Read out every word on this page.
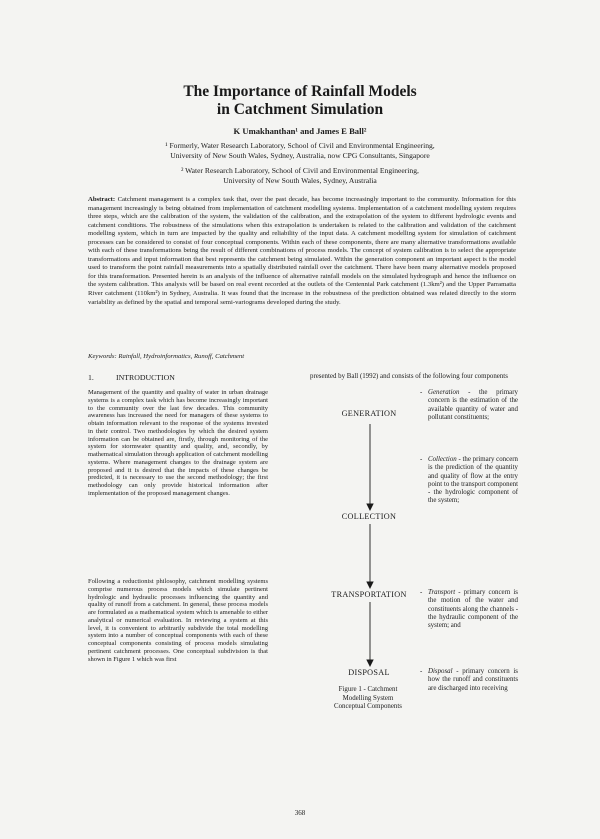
The Importance of Rainfall Models
in Catchment Simulation
K Umakhanthan¹ and James E Ball²
¹ Formerly, Water Research Laboratory, School of Civil and Environmental Engineering,
University of New South Wales, Sydney, Australia, now CPG Consultants, Singapore
² Water Research Laboratory, School of Civil and Environmental Engineering,
University of New South Wales, Sydney, Australia
Abstract: Catchment management is a complex task that, over the past decade, has become increasingly important to the community. Information for this management increasingly is being obtained from implementation of catchment modelling systems. Implementation of a catchment modelling system requires three steps, which are the calibration of the system, the validation of the calibration, and the extrapolation of the system to different hydrologic events and catchment conditions. The robustness of the simulations when this extrapolation is undertaken is related to the calibration and validation of the catchment modelling system, which in turn are impacted by the quality and reliability of the input data. A catchment modelling system for simulation of catchment processes can be considered to consist of four conceptual components. Within each of these components, there are many alternative transformations available with each of these transformations being the result of different combinations of process models. The concept of system calibration is to select the appropriate transformations and input information that best represents the catchment being simulated. Within the generation component an important aspect is the model used to transform the point rainfall measurements into a spatially distributed rainfall over the catchment. There have been many alternative models proposed for this transformation. Presented herein is an analysis of the influence of alternative rainfall models on the simulated hydrograph and hence the influence on the system calibration. This analysis will be based on real event recorded at the outlets of the Centennial Park catchment (1.3km²) and the Upper Parramatta River catchment (110km²) in Sydney, Australia. It was found that the increase in the robustness of the prediction obtained was related directly to the storm variability as defined by the spatial and temporal semi-variograms developed during the study.
Keywords: Rainfall, Hydroinformatics, Runoff, Catchment
1.	INTRODUCTION

Management of the quantity and quality of water in urban drainage systems is a complex task which has become increasingly important to the community over the last few decades. This community awareness has increased the need for managers of these systems to obtain information relevant to the response of the systems invested in their control. Two methodologies by which the desired system information can be obtained are, firstly, through monitoring of the system for stormwater quantity and quality, and, secondly, by mathematical simulation through application of catchment modelling systems. Where management changes to the drainage system are proposed and it is desired that the impacts of these changes be predicted, it is necessary to use the second methodology; the first methodology can only provide historical information after implementation of the proposed management changes.

Following a reductionist philosophy, catchment modelling systems comprise numerous process models which simulate pertinent hydrologic and hydraulic processes influencing the quantity and quality of runoff from a catchment. In general, these process models are formulated as a mathematical system which is amenable to either analytical or numerical evaluation. In reviewing a system at this level, it is convenient to arbitrarily subdivide the total modelling system into a number of conceptual components with each of these conceptual components consisting of process models simulating pertinent catchment processes. One conceptual subdivision is that shown in Figure 1 which was first

presented by Ball (1992) and consists of the following four components
GENERATION
COLLECTION
TRANSPORTATION
DISPOSAL
Figure 1 - Catchment
Modelling System
Conceptual Components
- Generation - the primary concern is the estimation of the available quantity of water and pollutant constituents;
- Collection - the primary concern is the prediction of the quantity and quality of flow at the entry point to the transport component - the hydrologic component of the system;
- Transport - primary concern is the motion of the water and constituents along the channels - the hydraulic component of the system; and
- Disposal - primary concern is how the runoff and constituents are discharged into receiving
368
